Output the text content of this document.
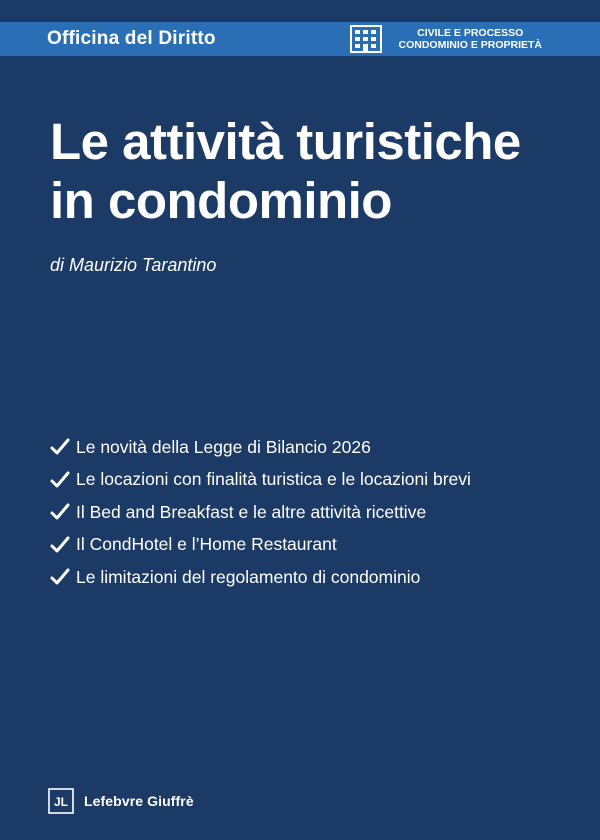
Officina del Diritto	CIVILE E PROCESSO
CONDOMINIO E PROPRIETÀ
Le attività turistiche
in condominio
di Maurizio Tarantino
Le novità della Legge di Bilancio 2026
Le locazioni con finalità turistica e le locazioni brevi
Il Bed and Breakfast e le altre attività ricettive
Il CondHotel e l’Home Restaurant
Le limitazioni del regolamento di condominio
JL Lefebvre Giuffrè
